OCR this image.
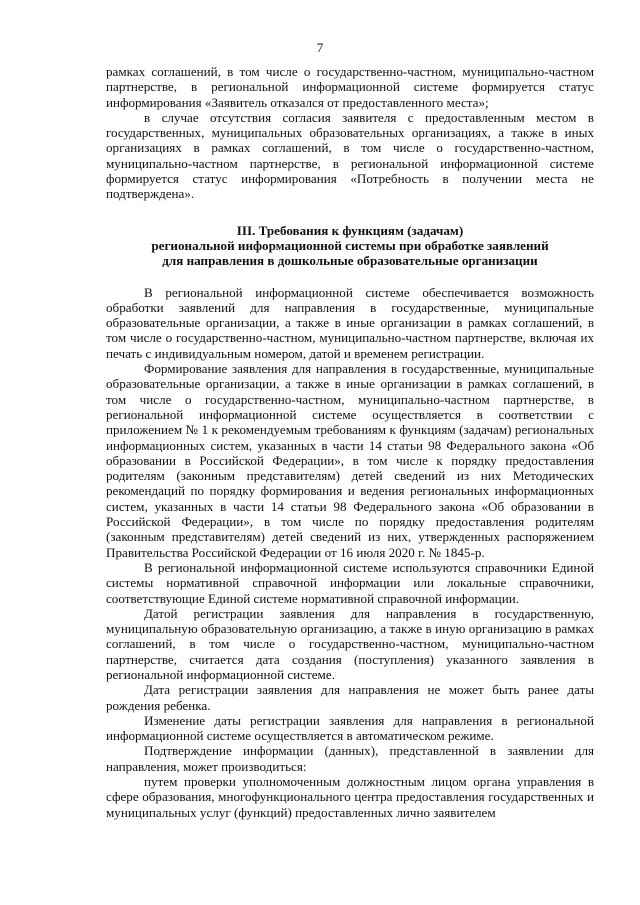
7

рамках соглашений, в том числе о государственно-частном, муниципально-частном партнерстве, в региональной информационной системе формируется статус информирования «Заявитель отказался от предоставленного места»;

в случае отсутствия согласия заявителя с предоставленным местом в государственных, муниципальных образовательных организациях, а также в иных организациях в рамках соглашений, в том числе о государственно-частном, муниципально-частном партнерстве, в региональной информационной системе формируется статус информирования «Потребность в получении места не подтверждена».

III. Требования к функциям (задачам)
региональной информационной системы при обработке заявлений
для направления в дошкольные образовательные организации

В региональной информационной системе обеспечивается возможность обработки заявлений для направления в государственные, муниципальные образовательные организации, а также в иные организации в рамках соглашений, в том числе о государственно-частном, муниципально-частном партнерстве, включая их печать с индивидуальным номером, датой и временем регистрации.

Формирование заявления для направления в государственные, муниципальные образовательные организации, а также в иные организации в рамках соглашений, в том числе о государственно-частном, муниципально-частном партнерстве, в региональной информационной системе осуществляется в соответствии с приложением № 1 к рекомендуемым требованиям к функциям (задачам) региональных информационных систем, указанных в части 14 статьи 98 Федерального закона «Об образовании в Российской Федерации», в том числе к порядку предоставления родителям (законным представителям) детей сведений из них Методических рекомендаций по порядку формирования и ведения региональных информационных систем, указанных в части 14 статьи 98 Федерального закона «Об образовании в Российской Федерации», в том числе по порядку предоставления родителям (законным представителям) детей сведений из них, утвержденных распоряжением Правительства Российской Федерации от 16 июля 2020 г. № 1845-р.

В региональной информационной системе используются справочники Единой системы нормативной справочной информации или локальные справочники, соответствующие Единой системе нормативной справочной информации.

Датой регистрации заявления для направления в государственную, муниципальную образовательную организацию, а также в иную организацию в рамках соглашений, в том числе о государственно-частном, муниципально-частном партнерстве, считается дата создания (поступления) указанного заявления в региональной информационной системе.

Дата регистрации заявления для направления не может быть ранее даты рождения ребенка.

Изменение даты регистрации заявления для направления в региональной информационной системе осуществляется в автоматическом режиме.

Подтверждение информации (данных), представленной в заявлении для направления, может производиться:

путем проверки уполномоченным должностным лицом органа управления в сфере образования, многофункционального центра предоставления государственных и муниципальных услуг (функций) предоставленных лично заявителем
